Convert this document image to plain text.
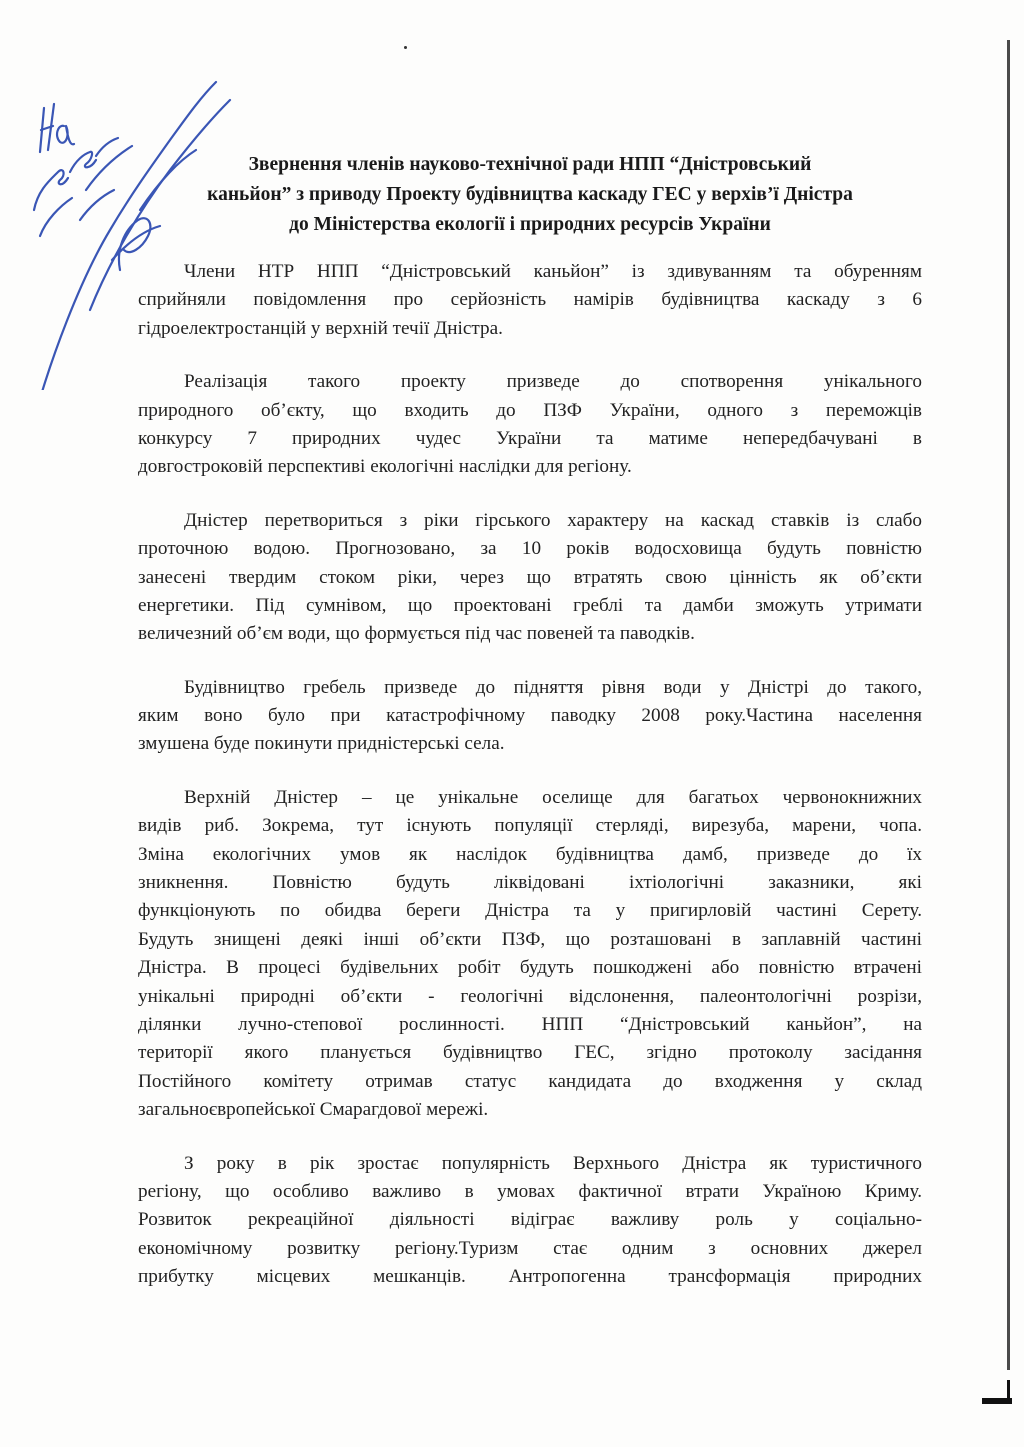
Звернення членів науково-технічної ради НПП “Дністровський
каньйон” з приводу Проекту будівництва каскаду ГЕС у верхів’ї Дністра
до Міністерства екології і природних ресурсів України
Члени НТР НПП “Дністровський каньйон” із здивуванням та обуренням
сприйняли повідомлення про серйозність намірів будівництва каскаду з 6
гідроелектростанцій у верхній течії Дністра.
Реалізація такого проекту призведе до спотворення унікального
природного об’єкту, що входить до ПЗФ України, одного з переможців
конкурсу 7 природних чудес України та матиме непередбачувані в
довгостроковій перспективі екологічні наслідки для регіону.
Дністер перетвориться з ріки гірського характеру на каскад ставків із слабо
проточною водою. Прогнозовано, за 10 років водосховища будуть повністю
занесені твердим стоком ріки, через що втратять свою цінність як об’єкти
енергетики. Під сумнівом, що проектовані греблі та дамби зможуть утримати
величезний об’єм води, що формується під час повеней та паводків.
Будівництво гребель призведе до підняття рівня води у Дністрі до такого,
яким воно було при катастрофічному паводку 2008 року.Частина населення
змушена буде покинути придністерські села.
Верхній Дністер – це унікальне оселище для багатьох червонокнижних
видів риб. Зокрема, тут існують популяції стерляді, вирезуба, марени, чопа.
Зміна екологічних умов як наслідок будівництва дамб, призведе до їх
зникнення. Повністю будуть ліквідовані іхтіологічні заказники, які
функціонують по обидва береги Дністра та у пригирловій частині Серету.
Будуть знищені деякі інші об’єкти ПЗФ, що розташовані в заплавній частині
Дністра. В процесі будівельних робіт будуть пошкоджені або повністю втрачені
унікальні природні об’єкти - геологічні відслонення, палеонтологічні розрізи,
ділянки лучно-степової рослинності. НПП “Дністровський каньйон”, на
території якого планується будівництво ГЕС, згідно протоколу засідання
Постійного комітету отримав статус кандидата до входження у склад
загальноєвропейської Смарагдової мережі.
З року в рік зростає популярність Верхнього Дністра як туристичного
регіону, що особливо важливо в умовах фактичної втрати Україною Криму.
Розвиток рекреаційної діяльності відіграє важливу роль у соціально-
економічному розвитку регіону.Туризм стає одним з основних джерел
прибутку місцевих мешканців. Антропогенна трансформація природних
